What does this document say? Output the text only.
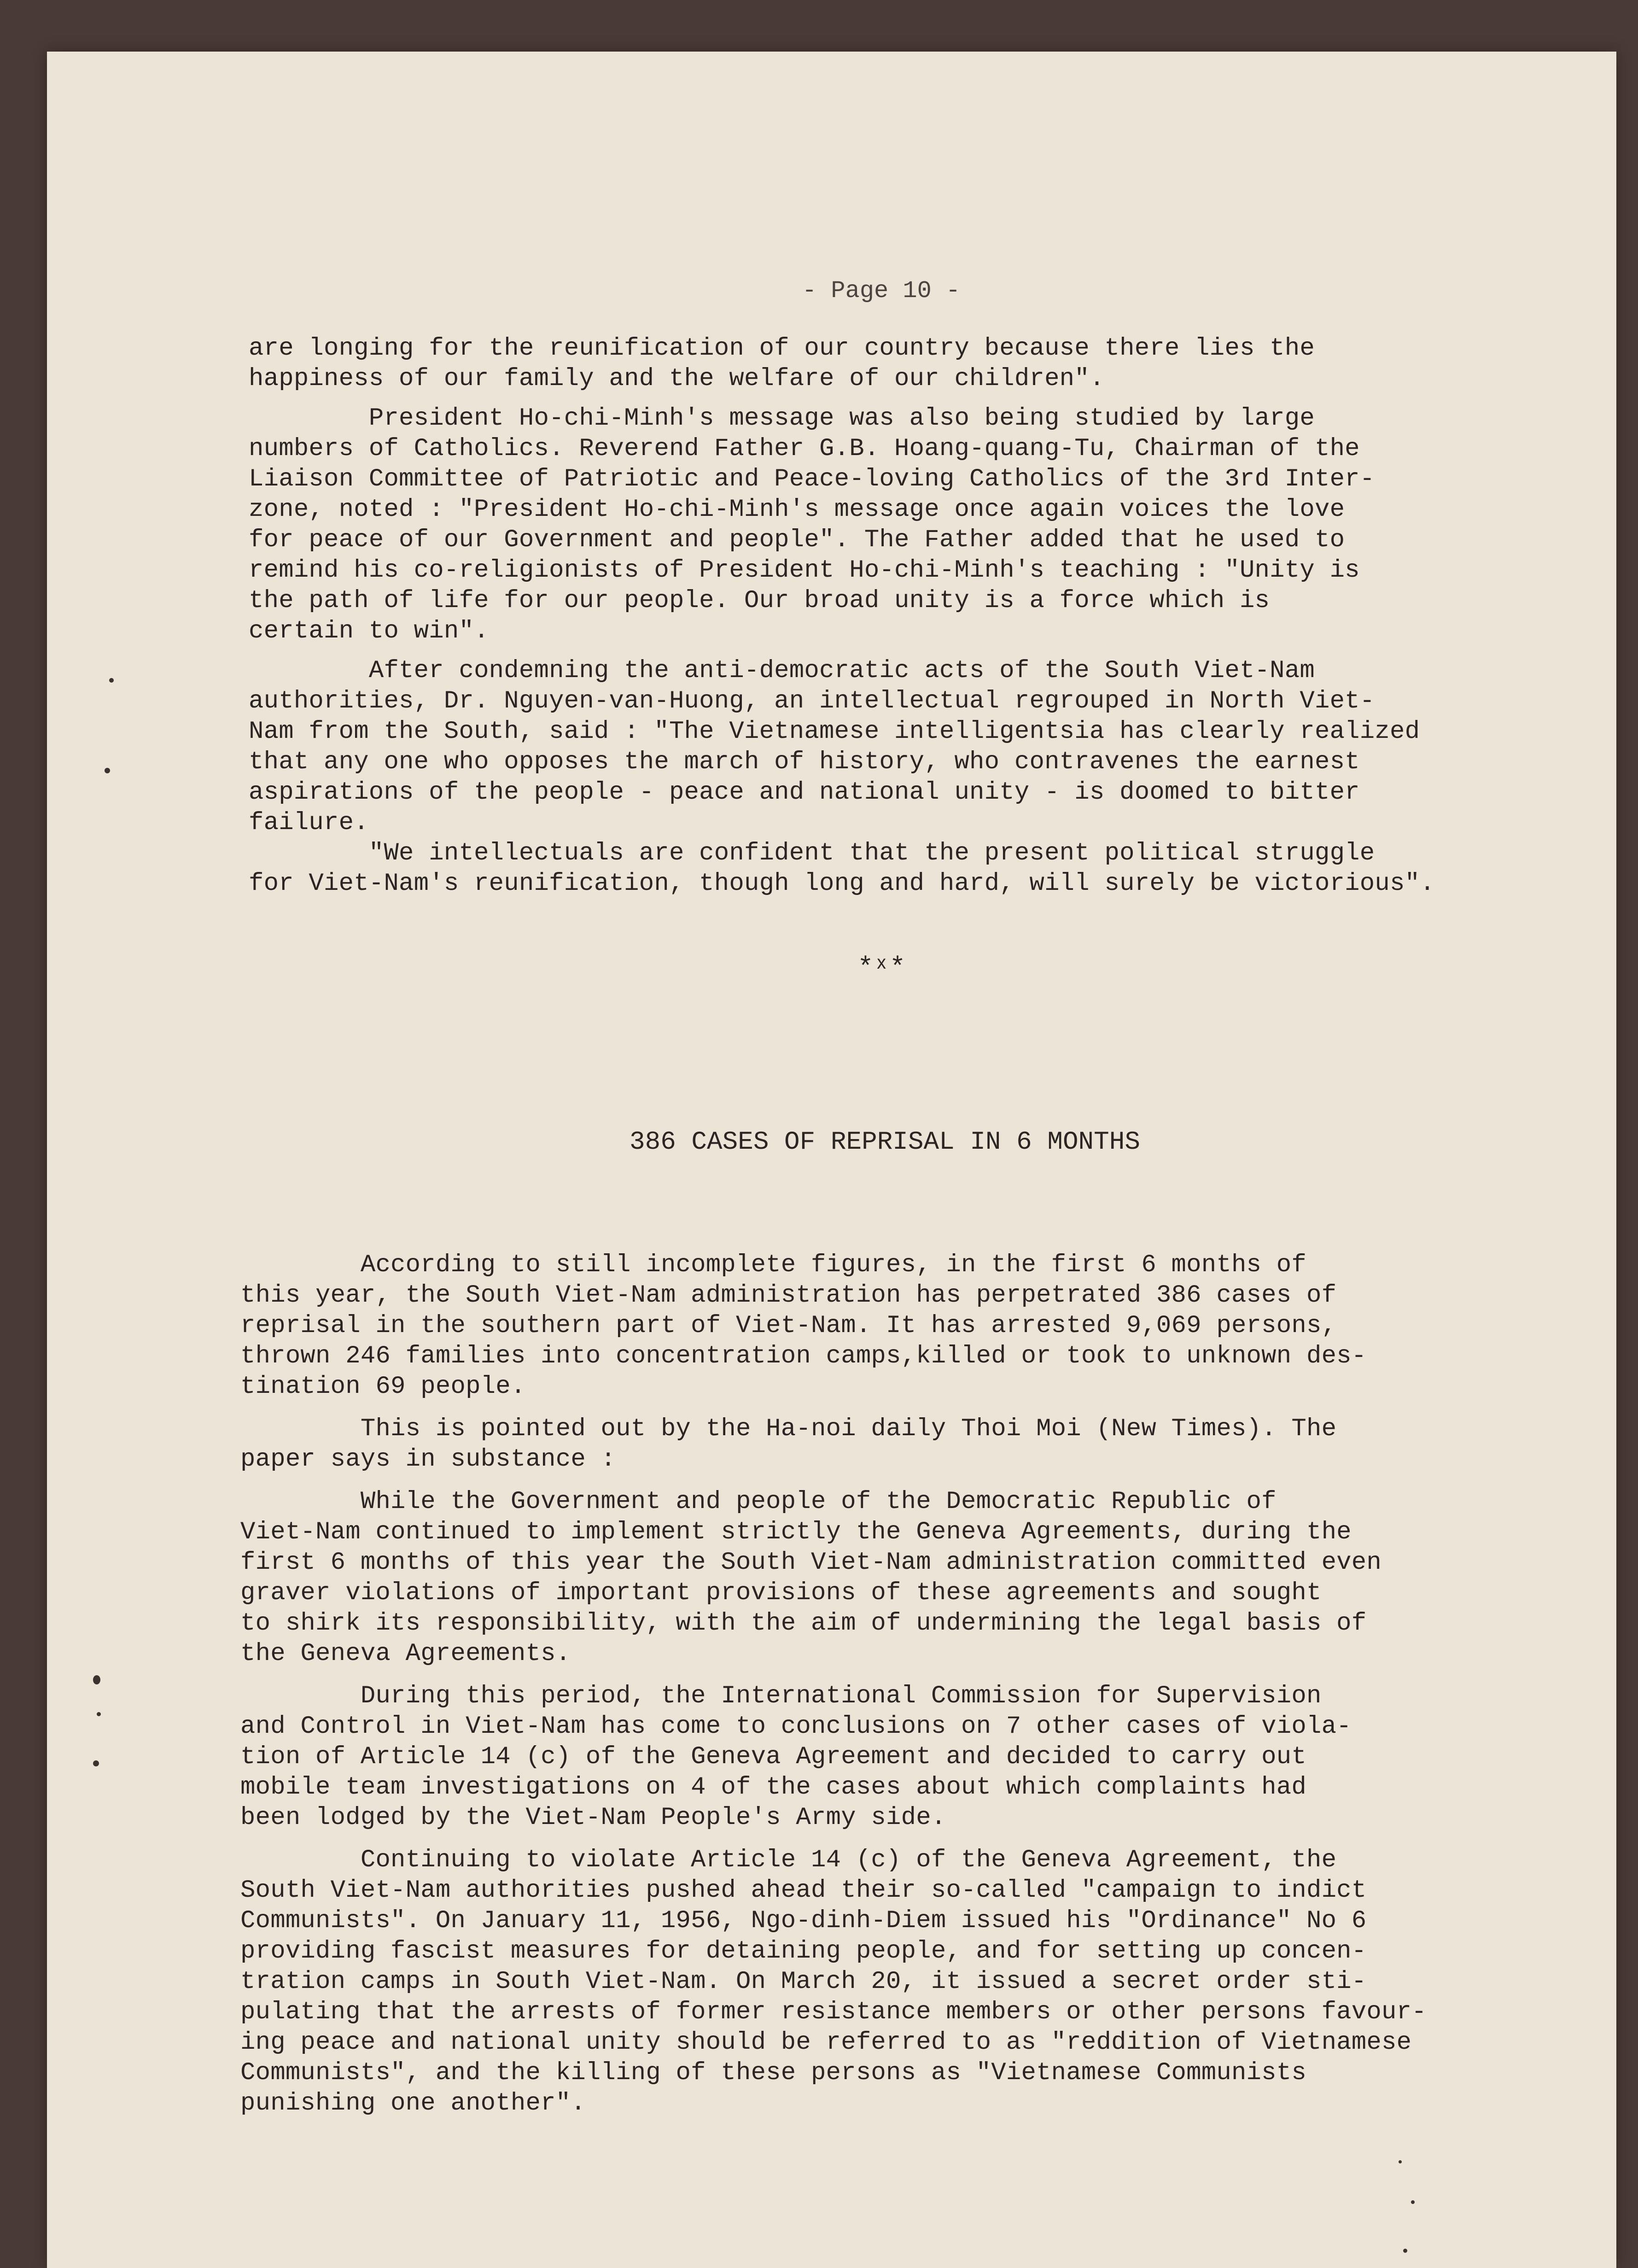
- Page 10 -
are longing for the reunification of our country because there lies the
happiness of our family and the welfare of our children".
President Ho-chi-Minh's message was also being studied by large
numbers of Catholics. Reverend Father G.B. Hoang-quang-Tu, Chairman of the
Liaison Committee of Patriotic and Peace-loving Catholics of the 3rd Inter-
zone, noted : "President Ho-chi-Minh's message once again voices the love
for peace of our Government and people". The Father added that he used to
remind his co-religionists of President Ho-chi-Minh's teaching : "Unity is
the path of life for our people. Our broad unity is a force which is
certain to win".
After condemning the anti-democratic acts of the South Viet-Nam
authorities, Dr. Nguyen-van-Huong, an intellectual regrouped in North Viet-
Nam from the South, said : "The Vietnamese intelligentsia has clearly realized
that any one who opposes the march of history, who contravenes the earnest
aspirations of the people - peace and national unity - is doomed to bitter
failure.
"We intellectuals are confident that the present political struggle
for Viet-Nam's reunification, though long and hard, will surely be victorious".
*ˣ*
386 CASES OF REPRISAL IN 6 MONTHS
According to still incomplete figures, in the first 6 months of
this year, the South Viet-Nam administration has perpetrated 386 cases of
reprisal in the southern part of Viet-Nam. It has arrested 9,069 persons,
thrown 246 families into concentration camps,killed or took to unknown des-
tination 69 people.
This is pointed out by the Ha-noi daily Thoi Moi (New Times). The
paper says in substance :
While the Government and people of the Democratic Republic of
Viet-Nam continued to implement strictly the Geneva Agreements, during the
first 6 months of this year the South Viet-Nam administration committed even
graver violations of important provisions of these agreements and sought
to shirk its responsibility, with the aim of undermining the legal basis of
the Geneva Agreements.
During this period, the International Commission for Supervision
and Control in Viet-Nam has come to conclusions on 7 other cases of viola-
tion of Article 14 (c) of the Geneva Agreement and decided to carry out
mobile team investigations on 4 of the cases about which complaints had
been lodged by the Viet-Nam People's Army side.
Continuing to violate Article 14 (c) of the Geneva Agreement, the
South Viet-Nam authorities pushed ahead their so-called "campaign to indict
Communists". On January 11, 1956, Ngo-dinh-Diem issued his "Ordinance" No 6
providing fascist measures for detaining people, and for setting up concen-
tration camps in South Viet-Nam. On March 20, it issued a secret order sti-
pulating that the arrests of former resistance members or other persons favour-
ing peace and national unity should be referred to as "reddition of Vietnamese
Communists", and the killing of these persons as "Vietnamese Communists
punishing one another".
